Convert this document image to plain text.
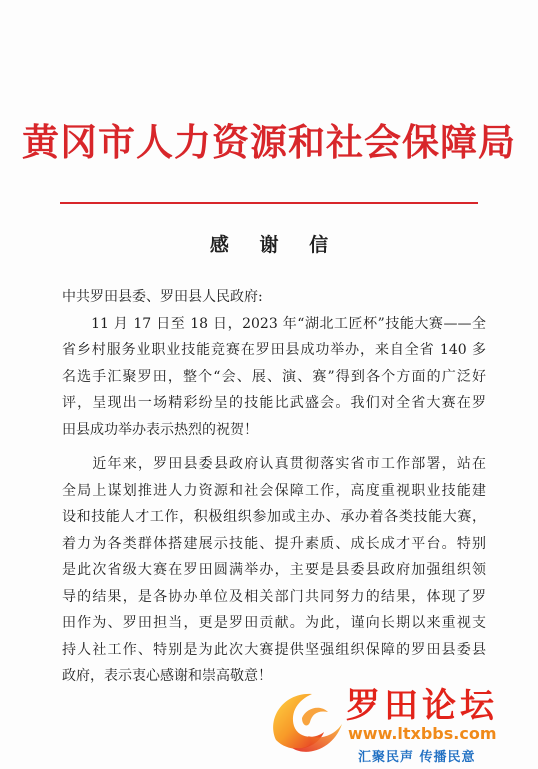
黄冈市人力资源和社会保障局
感 谢 信
中共罗田县委、罗田县人民政府:
　　11 月 17 日至 18 日，2023 年“湖北工匠杯”技能大赛——全
省乡村服务业职业技能竞赛在罗田县成功举办，来自全省 140 多
名选手汇聚罗田，整个“会、展、演、赛”得到各个方面的广泛好
评，呈现出一场精彩纷呈的技能比武盛会。我们对全省大赛在罗
田县成功举办表示热烈的祝贺！
　　近年来，罗田县委县政府认真贯彻落实省市工作部署，站在
全局上谋划推进人力资源和社会保障工作，高度重视职业技能建
设和技能人才工作，积极组织参加或主办、承办着各类技能大赛，
着力为各类群体搭建展示技能、提升素质、成长成才平台。特别
是此次省级大赛在罗田圆满举办，主要是县委县政府加强组织领
导的结果，是各协办单位及相关部门共同努力的结果，体现了罗
田作为、罗田担当，更是罗田贡献。为此，谨向长期以来重视支
持人社工作、特别是为此次大赛提供坚强组织保障的罗田县委县
政府，表示衷心感谢和崇高敬意！
罗田论坛
www.ltxbbs.com
汇聚民声 传播民意
